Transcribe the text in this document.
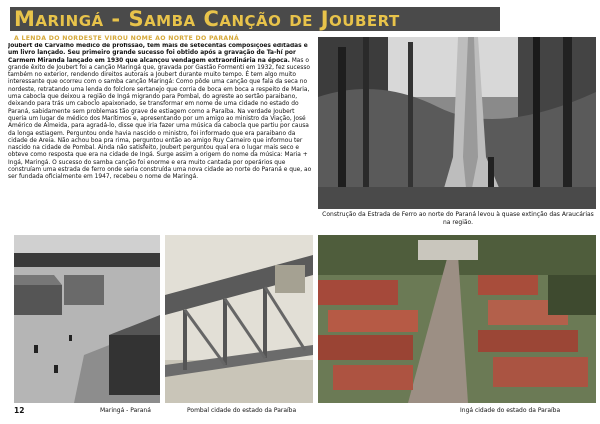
Maringá - Samba Canção de Joubert
A LENDA DO NORDESTE VIROU NOME AO NORTE DO PARANÁ
Joubert de Carvalho médico de profissão, tem mais de setecentas composições editadas e um livro lançado. Seu primeiro grande sucesso foi obtido após a gravação de Ta-hí por Carmem Miranda lançado em 1930 que alcançou vendagem extraordinária na época. Mas o grande êxito de Joubert foi a canção Maringá que, gravada por Gastão Formenti em 1932, fez sucesso também no exterior, rendendo direitos autorais a Joubert durante muito tempo. É tem algo muito interessante que ocorreu com o samba canção Maringá: Como pôde uma canção que fala da seca no nordeste, retratando uma lenda do folclore sertanejo que corria de boca em boca a respeito de Maria, uma cabocla que deixou a região de Ingá migrando para Pombal, do agreste ao sertão paraibano, deixando para trás um caboclo apaixonado, se transformar em nome de uma cidade no estado do Paraná, sabidamente sem problemas tão grave de estiagem como a Paraíba. Na verdade Joubert queria um lugar de médico dos Marítimos e, apresentando por um amigo ao ministro da Viação, José Américo de Almeida, para agradá-lo, disse que iria fazer uma música da cabocla que partiu por causa da longa estiagem. Perguntou onde havia nascido o ministro, foi informado que era paraibano da cidade de Areia. Não achou boa pra rima, perguntou então ao amigo Ruy Carneiro que informou ter nascido na cidade de Pombal. Ainda não satisfeito, Joubert perguntou qual era o lugar mais seco e obteve como resposta que era na cidade de Ingá. Surge assim a origem do nome da música: Maria + Ingá, Maringá. O sucesso do samba canção foi enorme e era muito cantada por operários que construíam uma estrada de ferro onde seria construída uma nova cidade ao norte do Paraná e que, ao ser fundada oficialmente em 1947, recebeu o nome de Maringá.
Construção da Estrada de Ferro ao norte do Paraná levou à quase extinção das Araucárias na região.
12	Maringá - Paraná	Pombal cidade do estado da Paraíba	Ingá cidade do estado da Paraíba
